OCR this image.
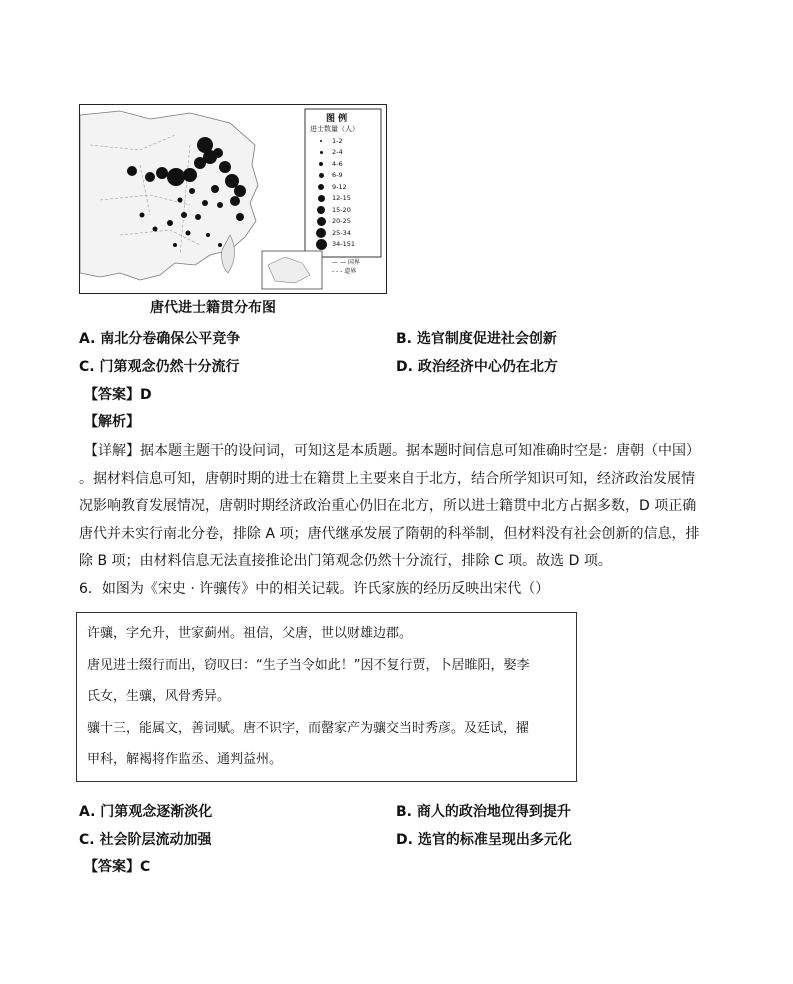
图 例
进士数量（人）
1-2
2-4
4-6
6-9
9-12
12-15
15-20
20-25
25-34
34-151
— — 国界
- - - 道界
唐代进士籍贯分布图
A. 南北分卷确保公平竞争	B. 选官制度促进社会创新
C. 门第观念仍然十分流行	D. 政治经济中心仍在北方
【答案】D
【解析】
【详解】据本题主题干的设问词，可知这是本质题。据本题时间信息可知准确时空是：唐朝（中国）
。据材料信息可知，唐朝时期的进士在籍贯上主要来自于北方，结合所学知识可知，经济政治发展情
况影响教育发展情况，唐朝时期经济政治重心仍旧在北方，所以进士籍贯中北方占据多数，D 项正确
唐代并未实行南北分卷，排除 A 项；唐代继承发展了隋朝的科举制，但材料没有社会创新的信息，排
除 B 项；由材料信息无法直接推论出门第观念仍然十分流行，排除 C 项。故选 D 项。
6．如图为《宋史 · 许骧传》中的相关记载。许氏家族的经历反映出宋代（）
许骧，字允升，世家蓟州。祖信，父唐，世以财雄边郡。
唐见进士缀行而出，窃叹曰：“生子当令如此！”因不复行贾，卜居睢阳，娶李
氏女，生骧，风骨秀异。
骧十三，能属文，善词赋。唐不识字，而罄家产为骧交当时秀彦。及廷试，擢
甲科，解褐将作监丞、通判益州。
A. 门第观念逐渐淡化	B. 商人的政治地位得到提升
C. 社会阶层流动加强	D. 选官的标准呈现出多元化
【答案】C
